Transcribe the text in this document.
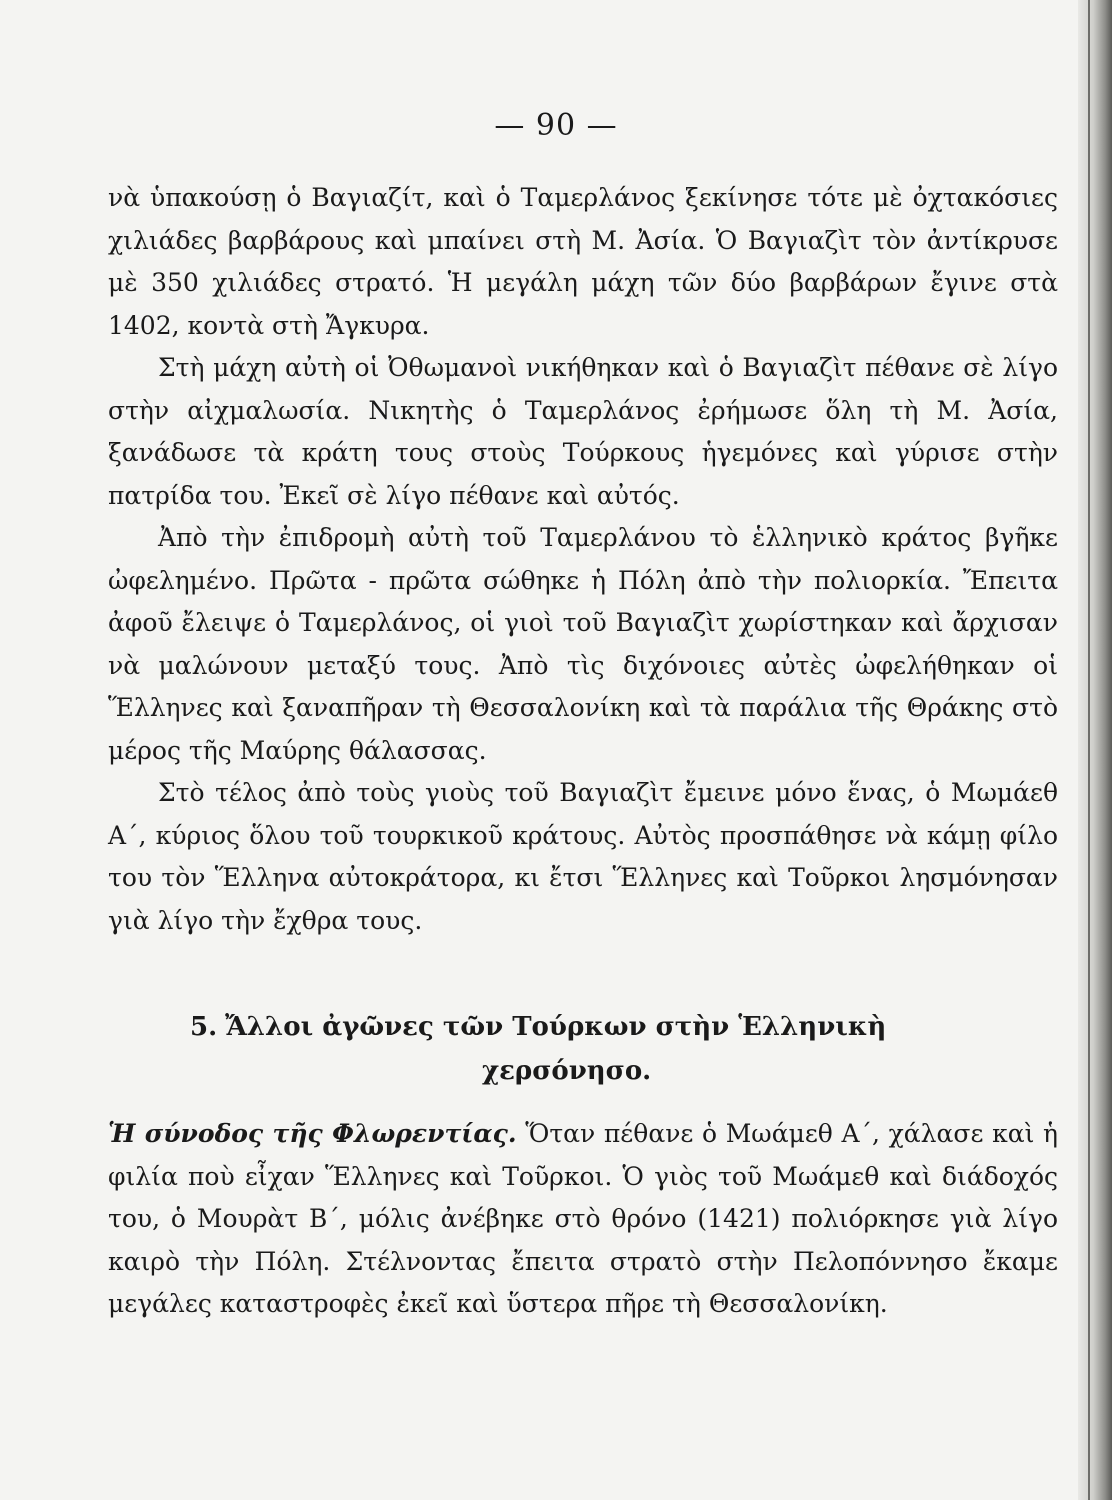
— 90 —

νὰ ὑπακούσῃ ὁ Βαγιαζίτ, καὶ ὁ Ταμερλάνος ξεκίνησε τότε μὲ ὀχτακόσιες χιλιάδες βαρβάρους καὶ μπαίνει στὴ Μ. Ἀσία. Ὁ Βαγιαζὶτ τὸν ἀντίκρυσε μὲ 350 χιλιάδες στρατό. Ἡ μεγάλη μάχη τῶν δύο βαρβάρων ἔγινε στὰ 1402, κοντὰ στὴ Ἄγκυρα.

Στὴ μάχη αὐτὴ οἱ Ὀθωμανοὶ νικήθηκαν καὶ ὁ Βαγιαζὶτ πέθανε σὲ λίγο στὴν αἰχμαλωσία. Νικητὴς ὁ Ταμερλάνος ἐρήμωσε ὅλη τὴ Μ. Ἀσία, ξανάδωσε τὰ κράτη τους στοὺς Τούρκους ἡγεμόνες καὶ γύρισε στὴν πατρίδα του. Ἐκεῖ σὲ λίγο πέθανε καὶ αὐτός.

Ἀπὸ τὴν ἐπιδρομὴ αὐτὴ τοῦ Ταμερλάνου τὸ ἑλληνικὸ κράτος βγῆκε ὠφελημένο. Πρῶτα - πρῶτα σώθηκε ἡ Πόλη ἀπὸ τὴν πολιορκία. Ἔπειτα ἀφοῦ ἔλειψε ὁ Ταμερλάνος, οἱ γιοὶ τοῦ Βαγιαζὶτ χωρίστηκαν καὶ ἄρχισαν νὰ μαλώνουν μεταξύ τους. Ἀπὸ τὶς διχόνοιες αὐτὲς ὠφελήθηκαν οἱ Ἕλληνες καὶ ξαναπῆραν τὴ Θεσσαλονίκη καὶ τὰ παράλια τῆς Θράκης στὸ μέρος τῆς Μαύρης θάλασσας.

Στὸ τέλος ἀπὸ τοὺς γιοὺς τοῦ Βαγιαζὶτ ἔμεινε μόνο ἕνας, ὁ Μωμάεθ Α΄, κύριος ὅλου τοῦ τουρκικοῦ κράτους. Αὐτὸς προσπάθησε νὰ κάμῃ φίλο του τὸν Ἕλληνα αὐτοκράτορα, κι ἔτσι Ἕλληνες καὶ Τοῦρκοι λησμόνησαν γιὰ λίγο τὴν ἔχθρα τους.

5. Ἄλλοι ἀγῶνες τῶν Τούρκων στὴν Ἑλληνικὴ
χερσόνησο.

Ἡ σύνοδος τῆς Φλωρεντίας. Ὅταν πέθανε ὁ Μωάμεθ Α΄, χάλασε καὶ ἡ φιλία ποὺ εἶχαν Ἕλληνες καὶ Τοῦρκοι. Ὁ γιὸς τοῦ Μωάμεθ καὶ διάδοχός του, ὁ Μουρὰτ Β΄, μόλις ἀνέβηκε στὸ θρόνο (1421) πολιόρκησε γιὰ λίγο καιρὸ τὴν Πόλη. Στέλνοντας ἔπειτα στρατὸ στὴν Πελοπόννησο ἔκαμε μεγάλες καταστροφὲς ἐκεῖ καὶ ὕστερα πῆρε τὴ Θεσσαλονίκη.
